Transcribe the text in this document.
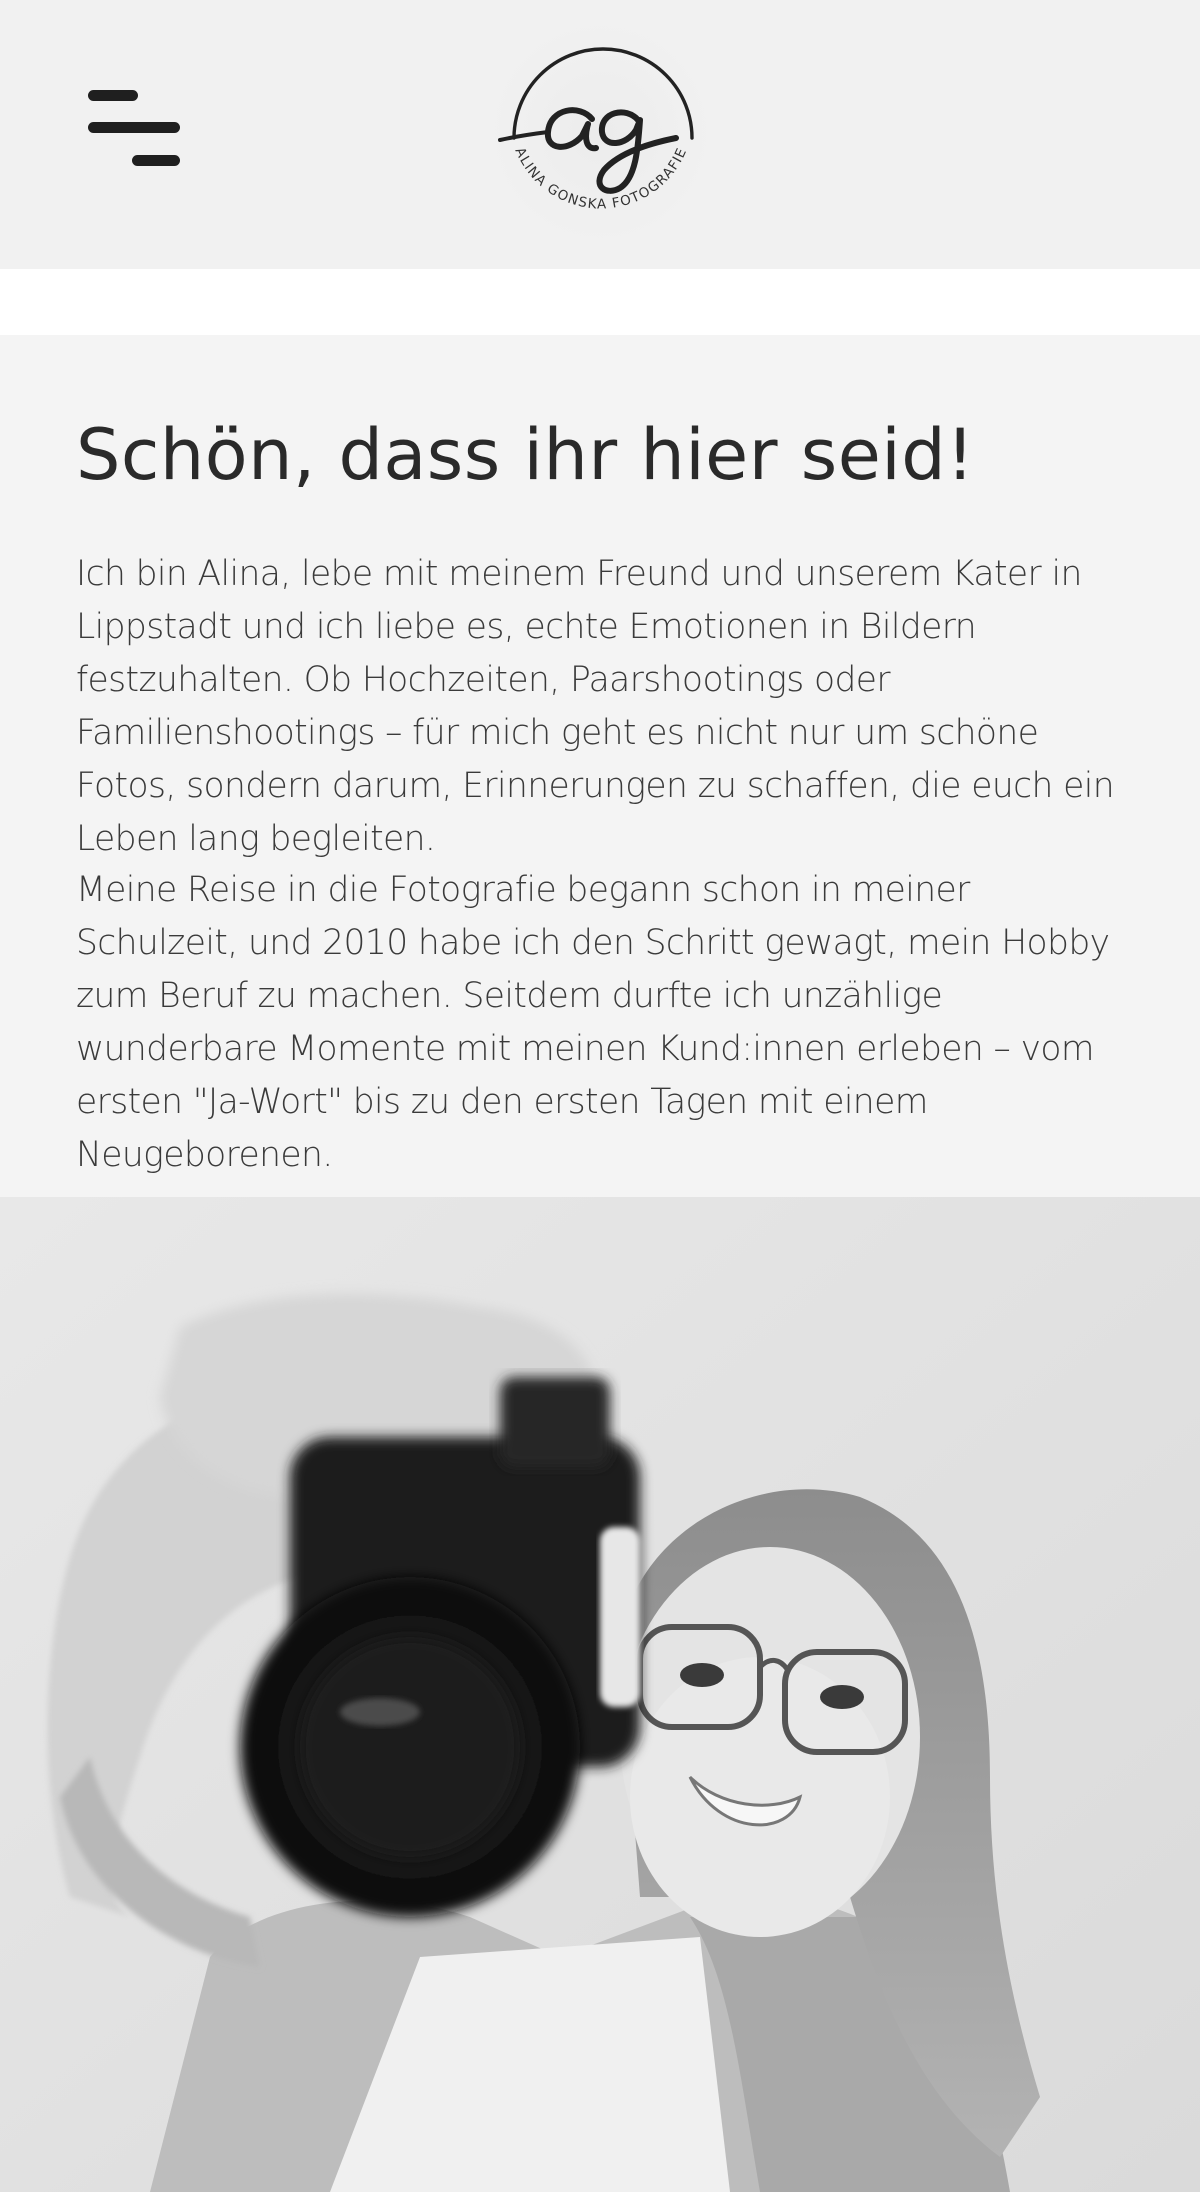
ALINA GONSKA FOTOGRAFIE
Schön, dass ihr hier seid!

Ich bin Alina, lebe mit meinem Freund und unserem Kater in Lippstadt und ich liebe es, echte Emotionen in Bildern festzuhalten. Ob Hochzeiten, Paarshootings oder Familienshootings – für mich geht es nicht nur um schöne Fotos, sondern darum, Erinnerungen zu schaffen, die euch ein Leben lang begleiten.

Meine Reise in die Fotografie begann schon in meiner Schulzeit, und 2010 habe ich den Schritt gewagt, mein Hobby zum Beruf zu machen. Seitdem durfte ich unzählige wunderbare Momente mit meinen Kund:innen erleben – vom ersten "Ja-Wort" bis zu den ersten Tagen mit einem Neugeborenen.
